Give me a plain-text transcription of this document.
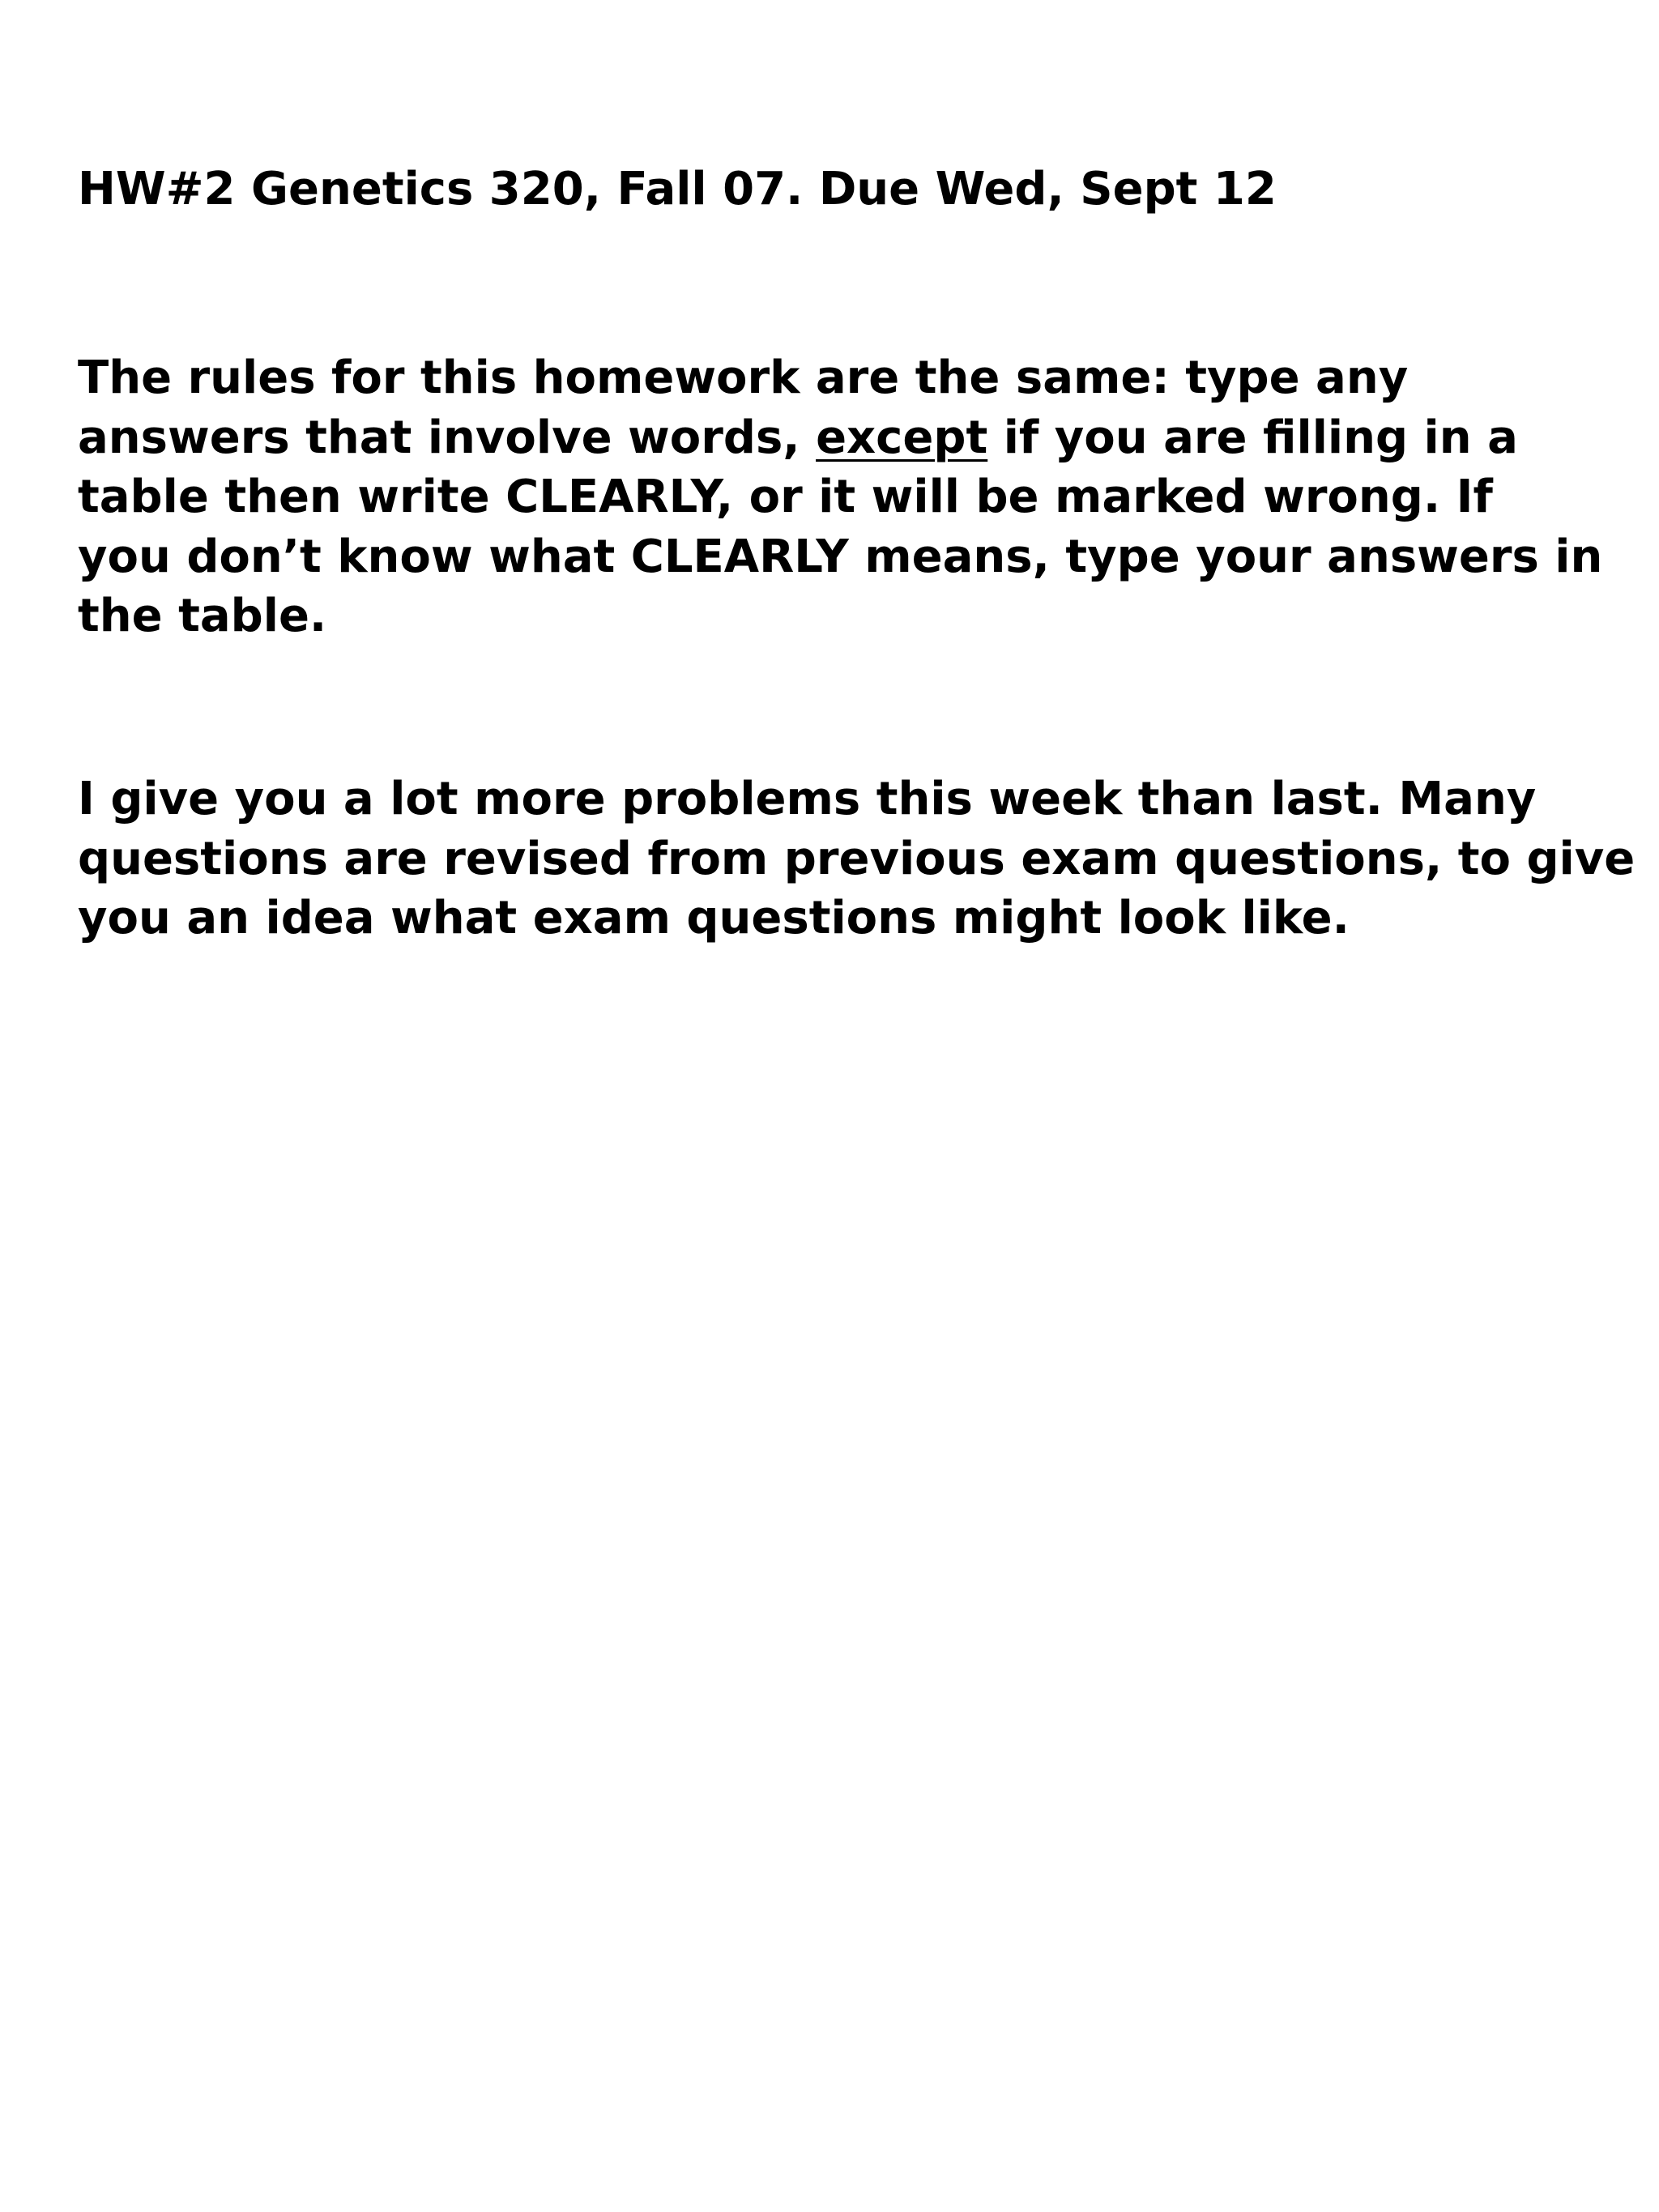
HW#2 Genetics 320, Fall 07. Due Wed, Sept 12

The rules for this homework are the same: type any
answers that involve words, except if you are filling in a
table then write CLEARLY, or it will be marked wrong. If
you don’t know what CLEARLY means, type your answers in
the table.

I give you a lot more problems this week than last. Many
questions are revised from previous exam questions, to give
you an idea what exam questions might look like.
